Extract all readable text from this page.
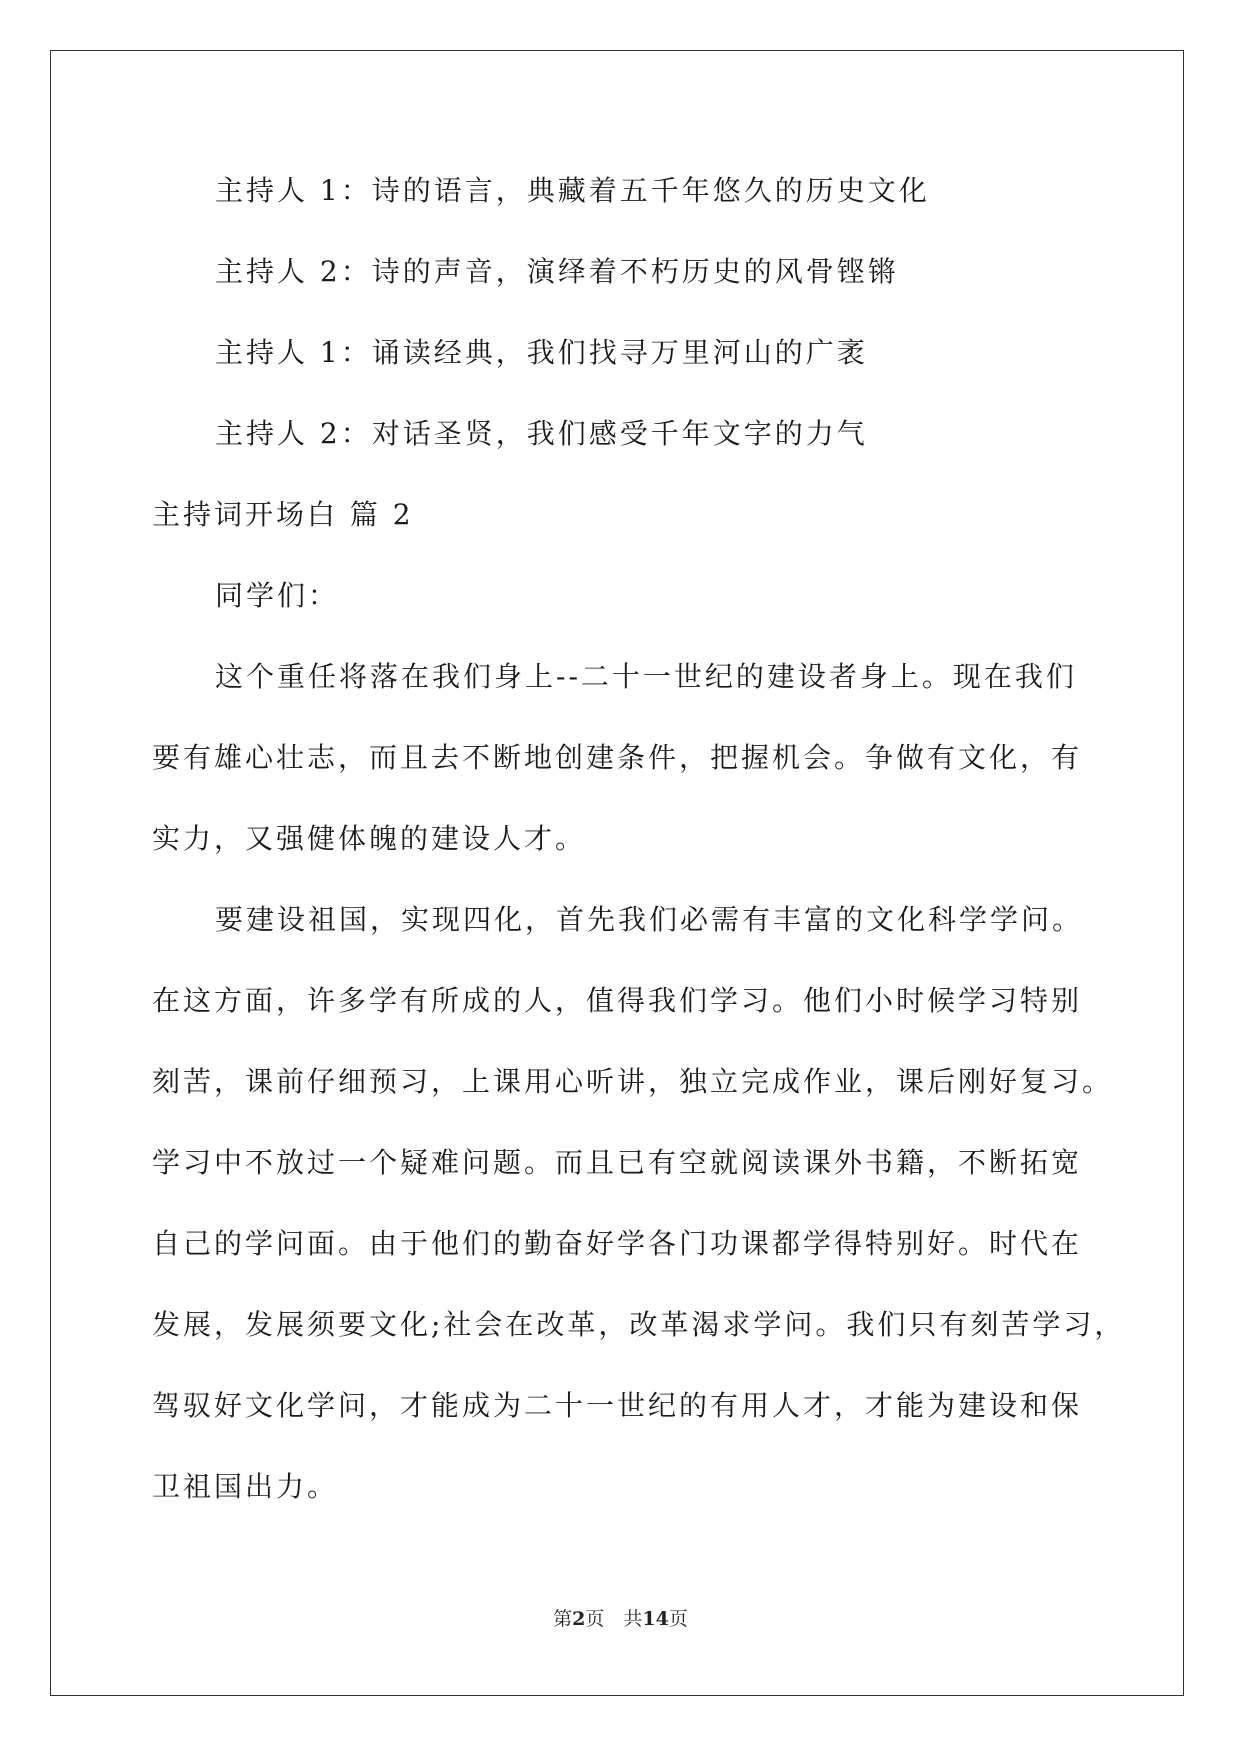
主持人 1：诗的语言，典藏着五千年悠久的历史文化
主持人 2：诗的声音，演绎着不朽历史的风骨铿锵
主持人 1：诵读经典，我们找寻万里河山的广袤
主持人 2：对话圣贤，我们感受千年文字的力气
主持词开场白 篇 2
同学们：
这个重任将落在我们身上--二十一世纪的建设者身上。现在我们
要有雄心壮志，而且去不断地创建条件，把握机会。争做有文化，有
实力，又强健体魄的建设人才。
要建设祖国，实现四化，首先我们必需有丰富的文化科学学问。
在这方面，许多学有所成的人，值得我们学习。他们小时候学习特别
刻苦，课前仔细预习，上课用心听讲，独立完成作业，课后刚好复习。
学习中不放过一个疑难问题。而且已有空就阅读课外书籍，不断拓宽
自己的学问面。由于他们的勤奋好学各门功课都学得特别好。时代在
发展，发展须要文化;社会在改革，改革渴求学问。我们只有刻苦学习，
驾驭好文化学问，才能成为二十一世纪的有用人才，才能为建设和保
卫祖国出力。
第2页　共14页
